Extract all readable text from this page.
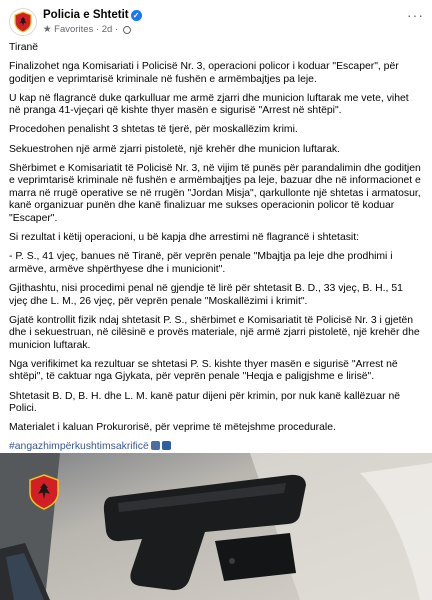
Policia e Shtetit ✓
★ Favorites · 2d ·
···

Tiranë

Finalizohet nga Komisariati i Policisë Nr. 3, operacioni policor i koduar "Escaper", për goditjen e veprimtarisë kriminale në fushën e armëmbajtjes pa leje.

U kap në flagrancë duke qarkulluar me armë zjarri dhe municion luftarak me vete, vihet në pranga 41-vjeçari që kishte thyer masën e sigurisë "Arrest në shtëpi".

Procedohen penalisht 3 shtetas të tjerë, për moskallëzim krimi.

Sekuestrohen një armë zjarri pistoletë, një krehër dhe municion luftarak.

Shërbimet e Komisariatit të Policisë Nr. 3, në vijim të punës për parandalimin dhe goditjen e veprimtarisë kriminale në fushën e armëmbajtjes pa leje, bazuar dhe në informacionet e marra në rrugë operative se në rrugën "Jordan Misja", qarkullonte një shtetas i armatosur, kanë organizuar punën dhe kanë finalizuar me sukses operacionin policor të koduar "Escaper".

Si rezultat i këtij operacioni, u bë kapja dhe arrestimi në flagrancë i shtetasit:

- P. S., 41 vjeç, banues në Tiranë, për veprën penale "Mbajtja pa leje dhe prodhimi i armëve, armëve shpërthyese dhe i municionit".

Gjithashtu, nisi procedimi penal në gjendje të lirë për shtetasit B. D., 33 vjeç, B. H., 51 vjeç dhe L. M., 26 vjeç, për veprën penale "Moskallëzimi i krimit".

Gjatë kontrollit fizik ndaj shtetasit P. S., shërbimet e Komisariatit të Policisë Nr. 3 i gjetën dhe i sekuestruan, në cilësinë e provës materiale, një armë zjarri pistoletë, një krehër dhe municion luftarak.

Nga verifikimet ka rezultuar se shtetasi P. S. kishte thyer masën e sigurisë "Arrest në shtëpi", të caktuar nga Gjykata, për veprën penale "Heqja e paligjshme e lirisë".

Shtetasit B. D, B. H. dhe L. M. kanë patur dijeni për krimin, por nuk kanë kallëzuar në Polici.

Materialet i kaluan Prokurorisë, për veprime të mëtejshme procedurale.

#angazhimpërkushtimsakrificë
